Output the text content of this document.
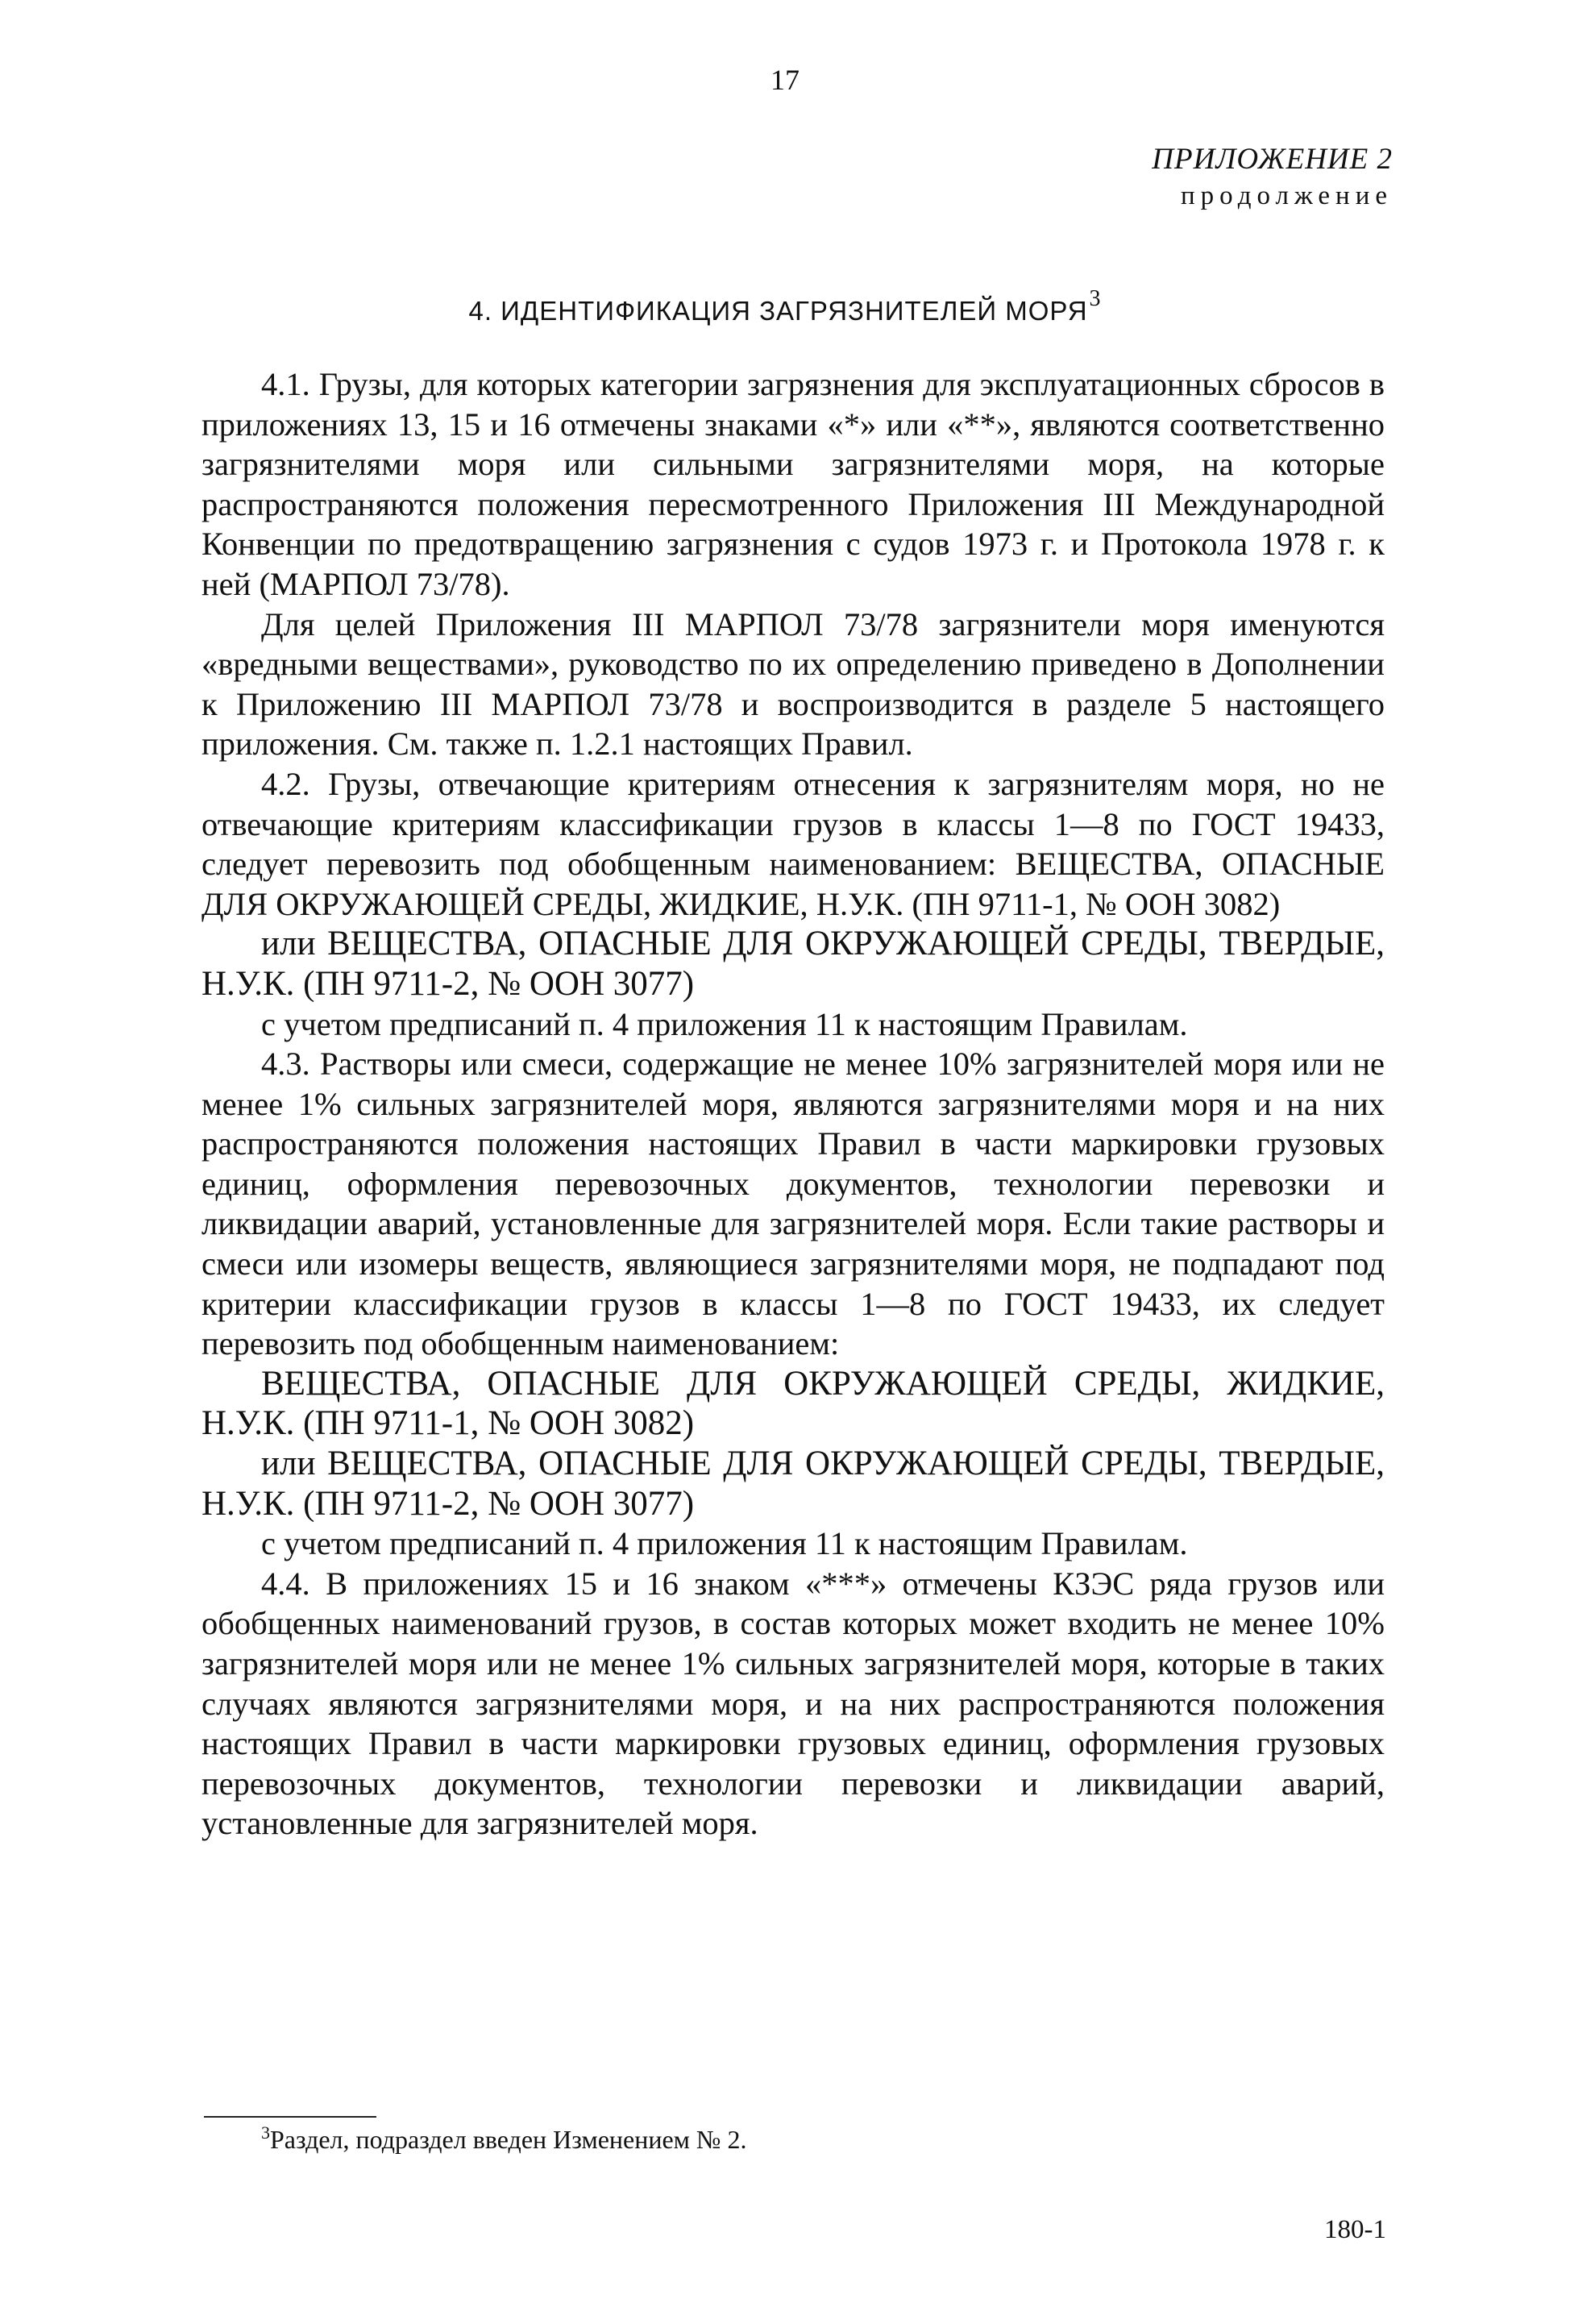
17
ПРИЛОЖЕНИЕ 2
продолжение
4. ИДЕНТИФИКАЦИЯ ЗАГРЯЗНИТЕЛЕЙ МОРЯ$^3$

4.1. Грузы, для которых категории загрязнения для эксплуатационных сбросов в приложениях 13, 15 и 16 отмечены знаками «*» или «**», являются соответственно загрязнителями моря или сильными загрязнителями моря, на которые распространяются положения пересмотренного Приложения III Международной Конвенции по предотвращению загрязнения с судов 1973 г. и Протокола 1978 г. к ней (МАРПОЛ 73/78).

Для целей Приложения III МАРПОЛ 73/78 загрязнители моря именуются «вредными веществами», руководство по их определению приведено в Дополнении к Приложению III МАРПОЛ 73/78 и воспроизводится в разделе 5 настоящего приложения. См. также п. 1.2.1 настоящих Правил.

4.2. Грузы, отвечающие критериям отнесения к загрязнителям моря, но не отвечающие критериям классификации грузов в классы 1—8 по ГОСТ 19433, следует перевозить под обобщенным наименованием: ВЕЩЕСТВА, ОПАСНЫЕ ДЛЯ ОКРУЖАЮЩЕЙ СРЕДЫ, ЖИДКИЕ, Н.У.К. (ПН 9711-1, № ООН 3082)

или ВЕЩЕСТВА, ОПАСНЫЕ ДЛЯ ОКРУЖАЮЩЕЙ СРЕДЫ, ТВЕРДЫЕ, Н.У.К. (ПН 9711-2, № ООН 3077)

с учетом предписаний п. 4 приложения 11 к настоящим Правилам.

4.3. Растворы или смеси, содержащие не менее 10% загрязнителей моря или не менее 1% сильных загрязнителей моря, являются загрязнителями моря и на них распространяются положения настоящих Правил в части маркировки грузовых единиц, оформления перевозочных документов, технологии перевозки и ликвидации аварий, установленные для загрязнителей моря. Если такие растворы и смеси или изомеры веществ, являющиеся загрязнителями моря, не подпадают под критерии классификации грузов в классы 1—8 по ГОСТ 19433, их следует перевозить под обобщенным наименованием:

ВЕЩЕСТВА, ОПАСНЫЕ ДЛЯ ОКРУЖАЮЩЕЙ СРЕДЫ, ЖИДКИЕ, Н.У.К. (ПН 9711-1, № ООН 3082)

или ВЕЩЕСТВА, ОПАСНЫЕ ДЛЯ ОКРУЖАЮЩЕЙ СРЕДЫ, ТВЕРДЫЕ, Н.У.К. (ПН 9711-2, № ООН 3077)

с учетом предписаний п. 4 приложения 11 к настоящим Правилам.

4.4. В приложениях 15 и 16 знаком «***» отмечены КЗЭС ряда грузов или обобщенных наименований грузов, в состав которых может входить не менее 10% загрязнителей моря или не менее 1% сильных загрязнителей моря, которые в таких случаях являются загрязнителями моря, и на них распространяются положения настоящих Правил в части маркировки грузовых единиц, оформления грузовых перевозочных документов, технологии перевозки и ликвидации аварий, установленные для загрязнителей моря.

$^3$Раздел, подраздел введен Изменением № 2.
180-1
